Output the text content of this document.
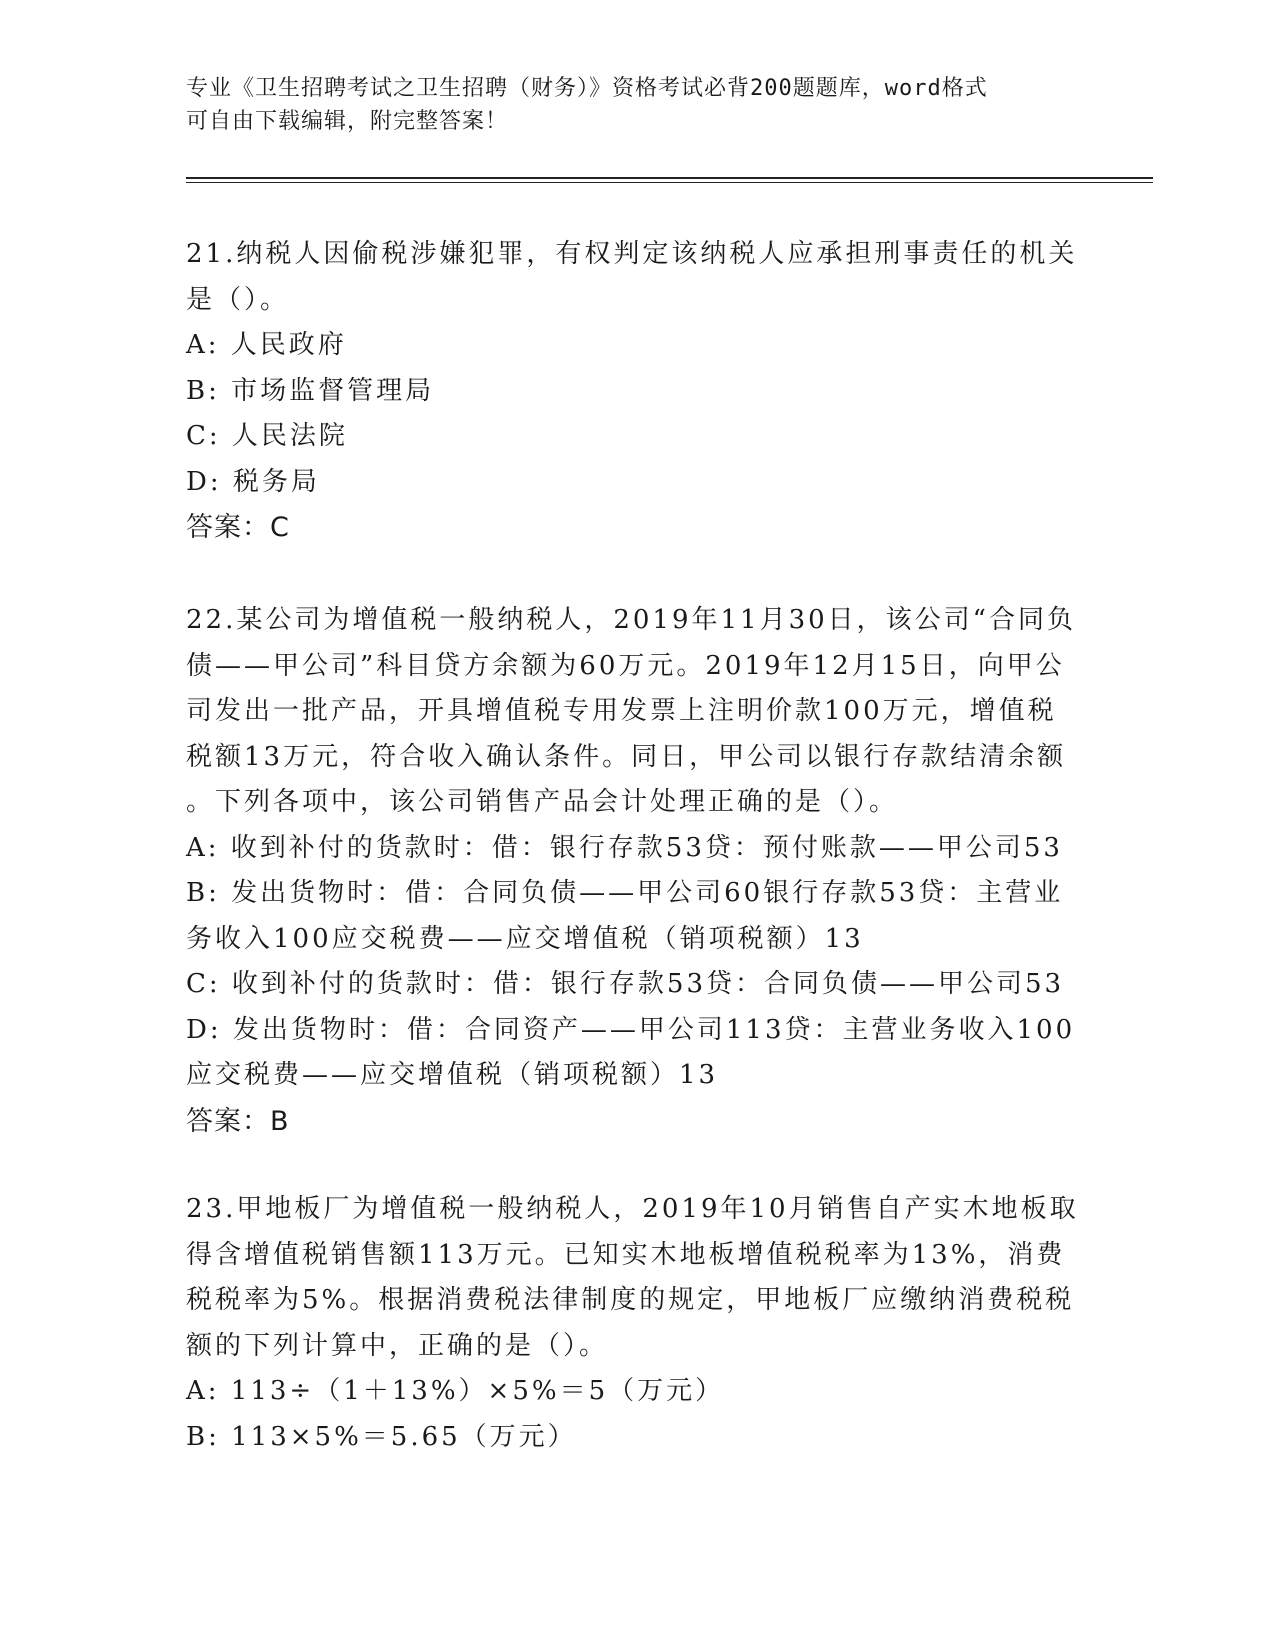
专业《卫生招聘考试之卫生招聘（财务）》资格考试必背200题题库，word格式
可自由下载编辑，附完整答案！

21.纳税人因偷税涉嫌犯罪，有权判定该纳税人应承担刑事责任的机关

是（）。

A: 人民政府

B: 市场监督管理局

C: 人民法院

D: 税务局

答案：C

22.某公司为增值税一般纳税人，2019年11月30日，该公司“合同负

债——甲公司”科目贷方余额为60万元。2019年12月15日，向甲公

司发出一批产品，开具增值税专用发票上注明价款100万元，增值税

税额13万元，符合收入确认条件。同日，甲公司以银行存款结清余额

。下列各项中，该公司销售产品会计处理正确的是（）。

A: 收到补付的货款时：借：银行存款53贷：预付账款——甲公司53

B: 发出货物时：借：合同负债——甲公司60银行存款53贷：主营业

务收入100应交税费——应交增值税（销项税额）13

C: 收到补付的货款时：借：银行存款53贷：合同负债——甲公司53

D: 发出货物时：借：合同资产——甲公司113贷：主营业务收入100

应交税费——应交增值税（销项税额）13

答案：B

23.甲地板厂为增值税一般纳税人，2019年10月销售自产实木地板取

得含增值税销售额113万元。已知实木地板增值税税率为13%，消费

税税率为5%。根据消费税法律制度的规定，甲地板厂应缴纳消费税税

额的下列计算中，正确的是（）。

A: 113÷（1＋13%）×5%＝5（万元）

B: 113×5%＝5.65（万元）
